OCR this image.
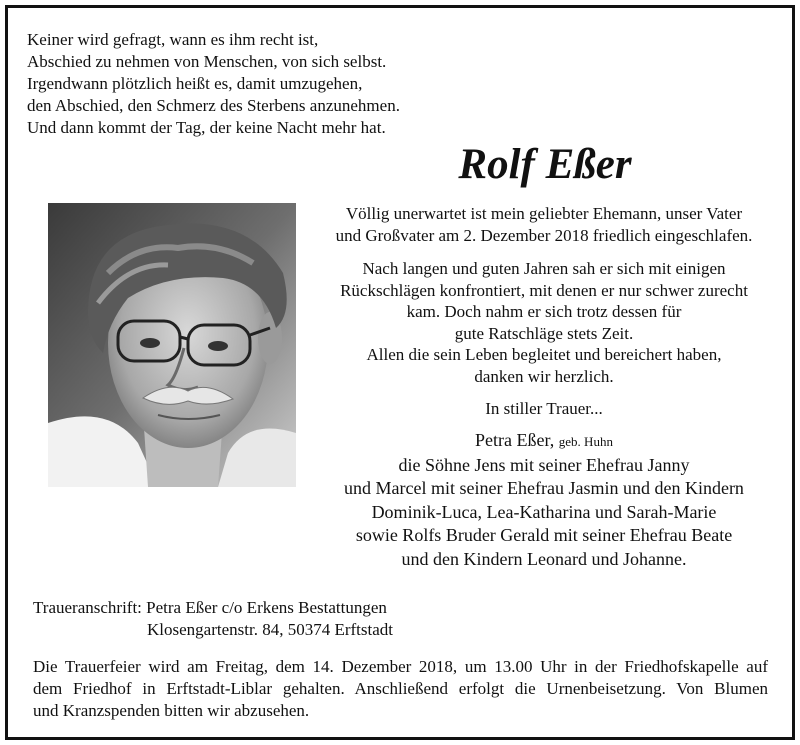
Keiner wird gefragt, wann es ihm recht ist,
Abschied zu nehmen von Menschen, von sich selbst.
Irgendwann plötzlich heißt es, damit umzugehen,
den Abschied, den Schmerz des Sterbens anzunehmen.
Und dann kommt der Tag, der keine Nacht mehr hat.
Rolf Eßer
Völlig unerwartet ist mein geliebter Ehemann, unser Vater
und Großvater am 2. Dezember 2018 friedlich eingeschlafen.
Nach langen und guten Jahren sah er sich mit einigen
Rückschlägen konfrontiert, mit denen er nur schwer zurecht
kam. Doch nahm er sich trotz dessen für
gute Ratschläge stets Zeit.
Allen die sein Leben begleitet und bereichert haben,
danken wir herzlich.
In stiller Trauer...
Petra Eßer, geb. Huhn
die Söhne Jens mit seiner Ehefrau Janny
und Marcel mit seiner Ehefrau Jasmin und den Kindern
Dominik-Luca, Lea-Katharina und Sarah-Marie
sowie Rolfs Bruder Gerald mit seiner Ehefrau Beate
und den Kindern Leonard und Johanne.
Traueranschrift: Petra Eßer c/o Erkens Bestattungen
Klosengartenstr. 84, 50374 Erftstadt
Die Trauerfeier wird am Freitag, dem 14. Dezember 2018, um 13.00 Uhr in der Friedhofskapelle auf
dem Friedhof in Erftstadt-Liblar gehalten. Anschließend erfolgt die Urnenbeisetzung. Von Blumen
und Kranzspenden bitten wir abzusehen.
